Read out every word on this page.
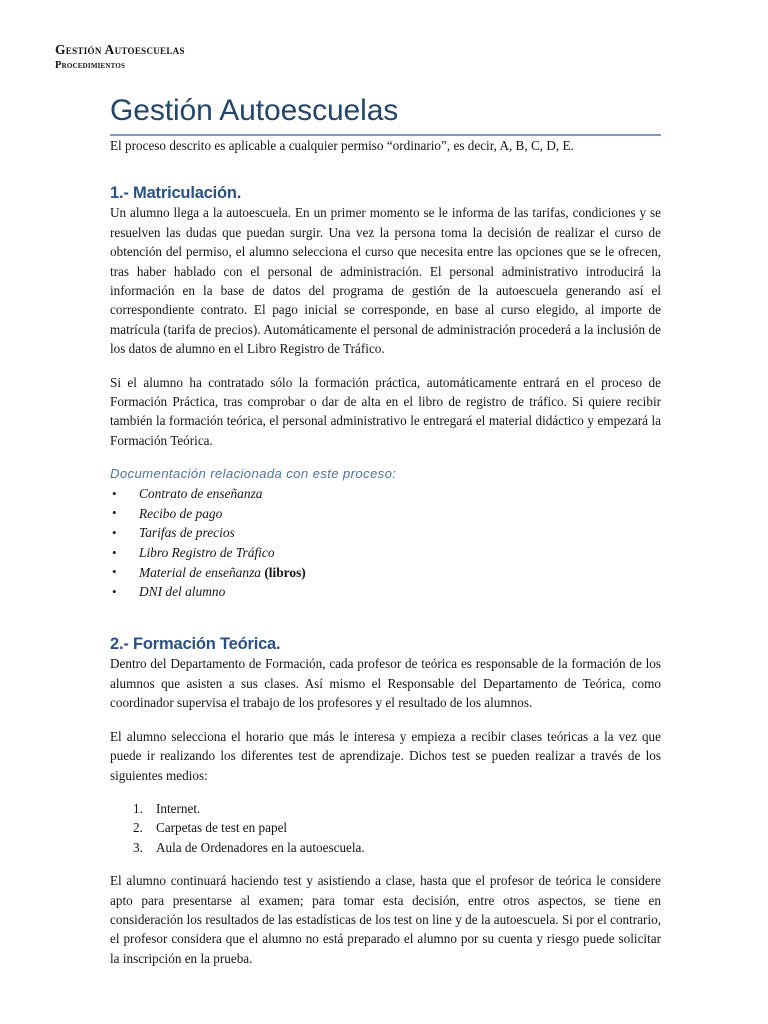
Gestión Autoescuelas
Procedimientos
Gestión Autoescuelas

El proceso descrito es aplicable a cualquier permiso “ordinario”, es decir, A, B, C, D, E.

1.- Matriculación.

Un alumno llega a la autoescuela. En un primer momento se le informa de las tarifas, condiciones y se resuelven las dudas que puedan surgir. Una vez la persona toma la decisión de realizar el curso de obtención del permiso, el alumno selecciona el curso que necesita entre las opciones que se le ofrecen, tras haber hablado con el personal de administración. El personal administrativo introducirá la información en la base de datos del programa de gestión de la autoescuela generando así el correspondiente contrato. El pago inicial se corresponde, en base al curso elegido, al importe de matrícula (tarifa de precios). Automáticamente el personal de administración procederá a la inclusión de los datos de alumno en el Libro Registro de Tráfico.

Si el alumno ha contratado sólo la formación práctica, automáticamente entrará en el proceso de Formación Práctica, tras comprobar o dar de alta en el libro de registro de tráfico. Si quiere recibir también la formación teórica, el personal administrativo le entregará el material didáctico y empezará la Formación Teórica.

Documentación relacionada con este proceso:
• Contrato de enseñanza
• Recibo de pago
• Tarifas de precios
• Libro Registro de Tráfico
• Material de enseñanza (libros)
• DNI del alumno
2.- Formación Teórica.

Dentro del Departamento de Formación, cada profesor de teórica es responsable de la formación de los alumnos que asisten a sus clases. Así mismo el Responsable del Departamento de Teórica, como coordinador supervisa el trabajo de los profesores y el resultado de los alumnos.

El alumno selecciona el horario que más le interesa y empieza a recibir clases teóricas a la vez que puede ir realizando los diferentes test de aprendizaje. Dichos test se pueden realizar a través de los siguientes medios:

1. Internet.
2. Carpetas de test en papel
3. Aula de Ordenadores en la autoescuela.

El alumno continuará haciendo test y asistiendo a clase, hasta que el profesor de teórica le considere apto para presentarse al examen; para tomar esta decisión, entre otros aspectos, se tiene en consideración los resultados de las estadísticas de los test on line y de la autoescuela. Si por el contrario, el profesor considera que el alumno no está preparado el alumno por su cuenta y riesgo puede solicitar la inscripción en la prueba.
